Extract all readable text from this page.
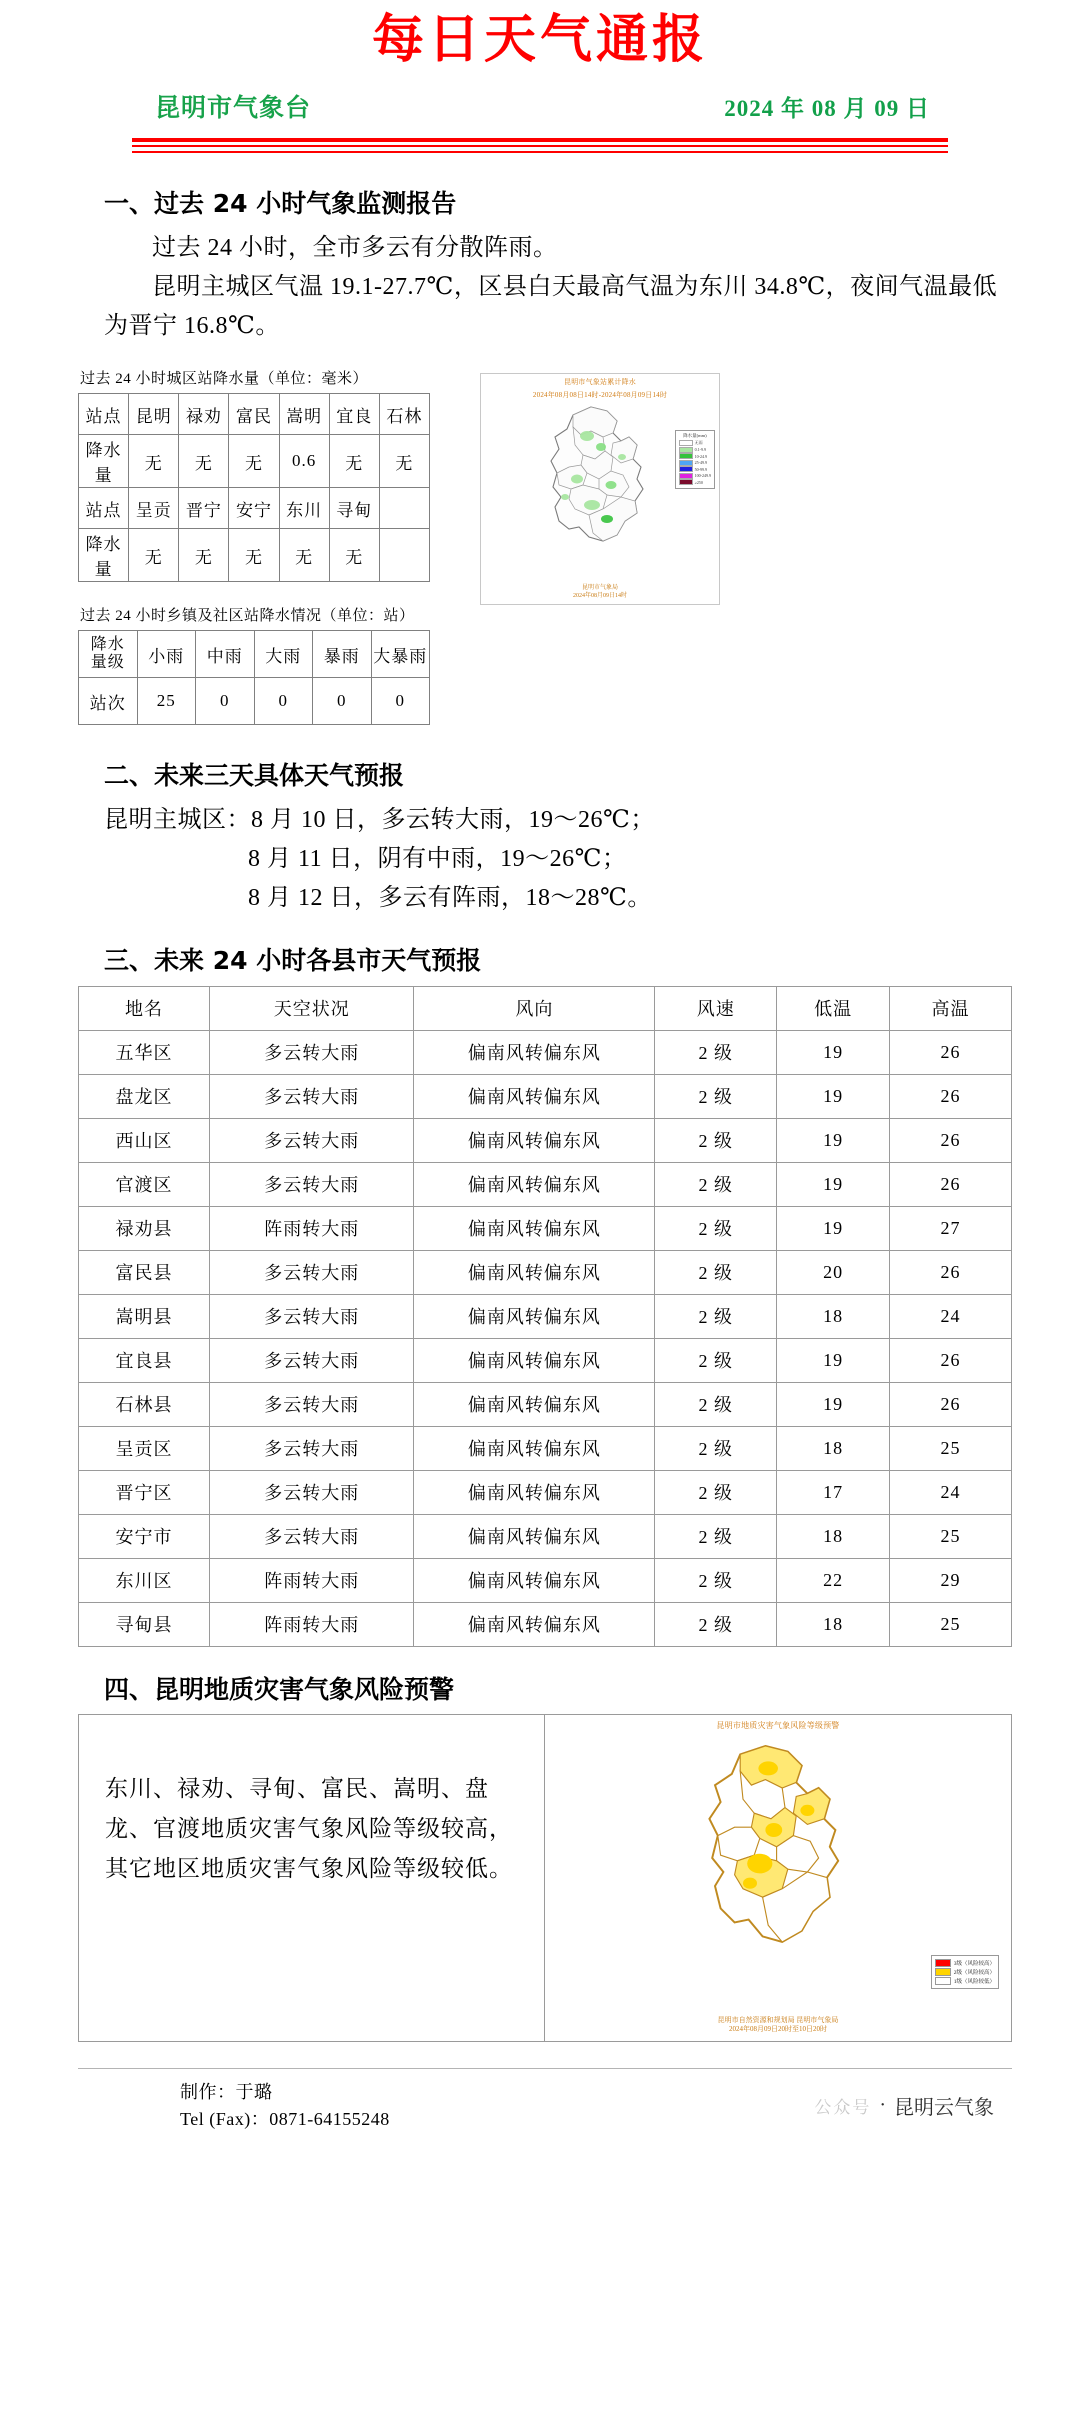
每日天气通报
昆明市气象台	2024 年 08 月 09 日
一、过去 24 小时气象监测报告

过去 24 小时，全市多云有分散阵雨。

昆明主城区气温 19.1-27.7℃，区县白天最高气温为东川 34.8℃，夜间气温最低为晋宁 16.8℃。

过去 24 小时城区站降水量（单位：毫米）
站点	昆明	禄劝	富民	嵩明	宜良	石林
降水量	无	无	无	0.6	无	无
站点	呈贡	晋宁	安宁	东川	寻甸	
降水量	无	无	无	无	无	
过去 24 小时乡镇及社区站降水情况（单位：站）
降水
量级	小雨	中雨	大雨	暴雨	大暴雨
站次	25	0	0	0	0
昆明市气象站累计降水
2024年08月08日14时-2024年08月09日14时
降水量(mm)
无雨
0.1-9.9
10-24.9
25-49.9
50-99.9
100-249.9
≥250
昆明市气象局
2024年08月09日14时
二、未来三天具体天气预报
昆明主城区：8 月 10 日，多云转大雨，19～26℃；
8 月 11 日，阴有中雨，19～26℃；
8 月 12 日，多云有阵雨，18～28℃。
三、未来 24 小时各县市天气预报
地名	天空状况	风向	风速	低温	高温
五华区	多云转大雨	偏南风转偏东风	2 级	19	26
盘龙区	多云转大雨	偏南风转偏东风	2 级	19	26
西山区	多云转大雨	偏南风转偏东风	2 级	19	26
官渡区	多云转大雨	偏南风转偏东风	2 级	19	26
禄劝县	阵雨转大雨	偏南风转偏东风	2 级	19	27
富民县	多云转大雨	偏南风转偏东风	2 级	20	26
嵩明县	多云转大雨	偏南风转偏东风	2 级	18	24
宜良县	多云转大雨	偏南风转偏东风	2 级	19	26
石林县	多云转大雨	偏南风转偏东风	2 级	19	26
呈贡区	多云转大雨	偏南风转偏东风	2 级	18	25
晋宁区	多云转大雨	偏南风转偏东风	2 级	17	24
安宁市	多云转大雨	偏南风转偏东风	2 级	18	25
东川区	阵雨转大雨	偏南风转偏东风	2 级	22	29
寻甸县	阵雨转大雨	偏南风转偏东风	2 级	18	25
四、昆明地质灾害气象风险预警
东川、禄劝、寻甸、富民、嵩明、盘龙、官渡地质灾害气象风险等级较高，其它地区地质灾害气象风险等级较低。
昆明市地质灾害气象风险等级预警
3级（风险较高）
2级（风险较高）
1级（风险较低）
昆明市自然资源和规划局 昆明市气象局
2024年08月09日20时至10日20时
制作：于璐
Tel (Fax)：0871-64155248
公众号 · 昆明云气象
